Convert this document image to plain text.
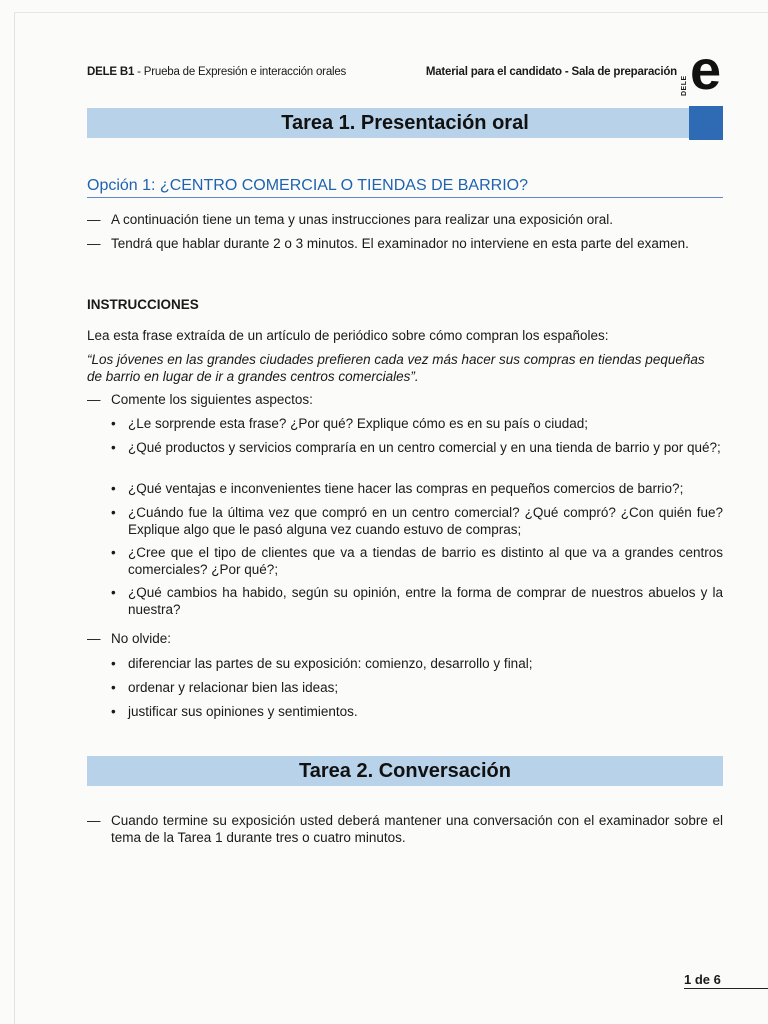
DELE B1 - Prueba de Expresión e interacción orales	Material para el candidato - Sala de preparación
DELE e
Tarea 1. Presentación oral
Opción 1: ¿CENTRO COMERCIAL O TIENDAS DE BARRIO?
— A continuación tiene un tema y unas instrucciones para realizar una exposición oral.
— Tendrá que hablar durante 2 o 3 minutos. El examinador no interviene en esta parte del examen.
INSTRUCCIONES
Lea esta frase extraída de un artículo de periódico sobre cómo compran los españoles:
“Los jóvenes en las grandes ciudades prefieren cada vez más hacer sus compras en tiendas pequeñas de barrio en lugar de ir a grandes centros comerciales”.
— Comente los siguientes aspectos:
• ¿Le sorprende esta frase? ¿Por qué? Explique cómo es en su país o ciudad;
• ¿Qué productos y servicios compraría en un centro comercial y en una tienda de barrio y por qué?;
• ¿Qué ventajas e inconvenientes tiene hacer las compras en pequeños comercios de barrio?;
• ¿Cuándo fue la última vez que compró en un centro comercial? ¿Qué compró? ¿Con quién fue? Explique algo que le pasó alguna vez cuando estuvo de compras;
• ¿Cree que el tipo de clientes que va a tiendas de barrio es distinto al que va a grandes centros comerciales? ¿Por qué?;
• ¿Qué cambios ha habido, según su opinión, entre la forma de comprar de nuestros abuelos y la nuestra?
— No olvide:
• diferenciar las partes de su exposición: comienzo, desarrollo y final;
• ordenar y relacionar bien las ideas;
• justificar sus opiniones y sentimientos.
Tarea 2. Conversación
— Cuando termine su exposición usted deberá mantener una conversación con el examinador sobre el tema de la Tarea 1 durante tres o cuatro minutos.
1 de 6
